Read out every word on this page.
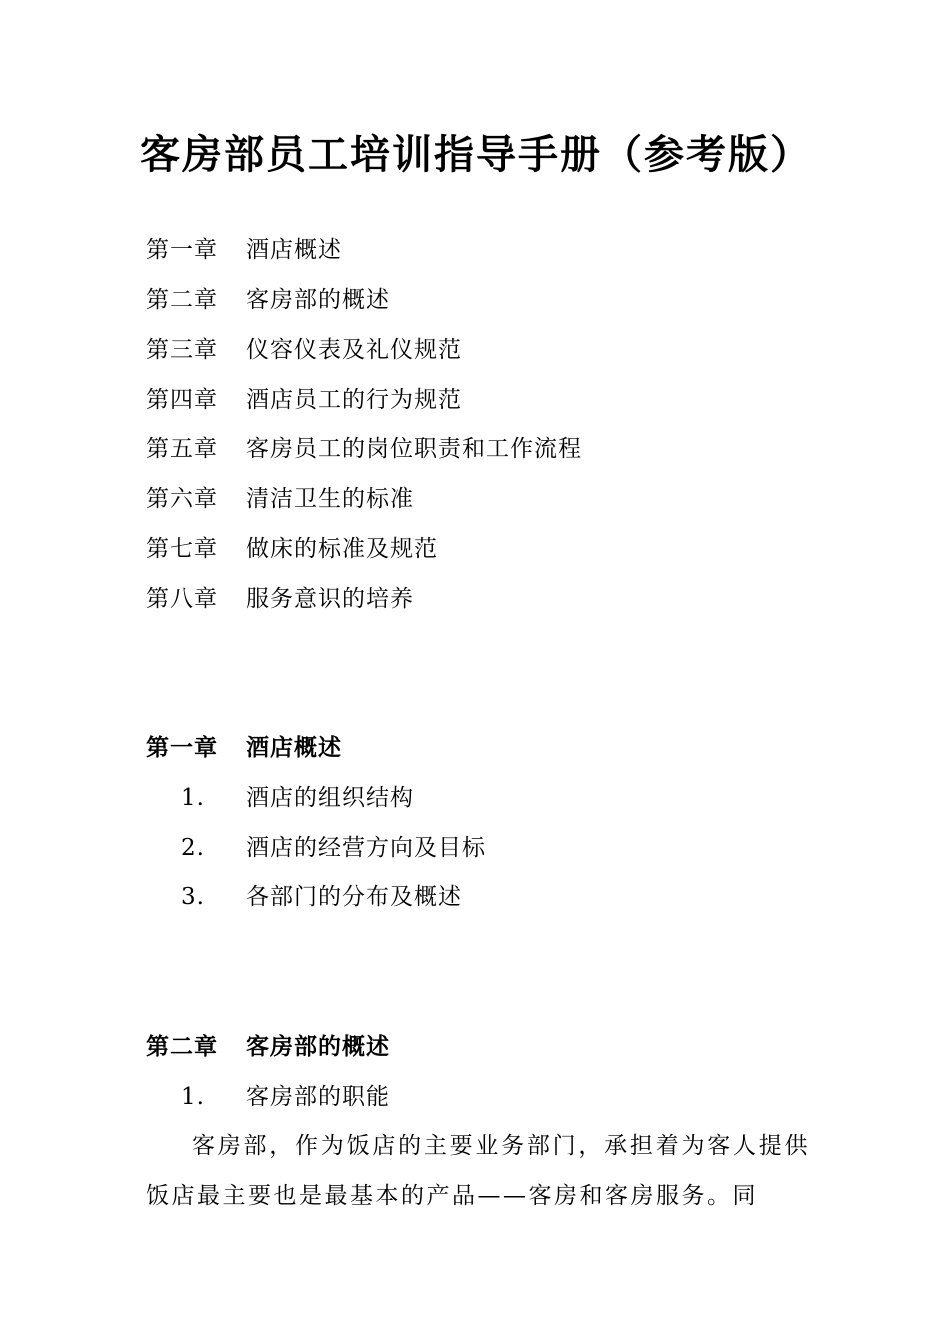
客房部员工培训指导手册（参考版）
第一章 酒店概述
第二章 客房部的概述
第三章 仪容仪表及礼仪规范
第四章 酒店员工的行为规范
第五章 客房员工的岗位职责和工作流程
第六章 清洁卫生的标准
第七章 做床的标准及规范
第八章 服务意识的培养
第一章 酒店概述
1. 酒店的组织结构
2. 酒店的经营方向及目标
3. 各部门的分布及概述
第二章 客房部的概述
1. 客房部的职能
客房部，作为饭店的主要业务部门，承担着为客人提供饭店最主要也是最基本的产品——客房和客房服务。同
